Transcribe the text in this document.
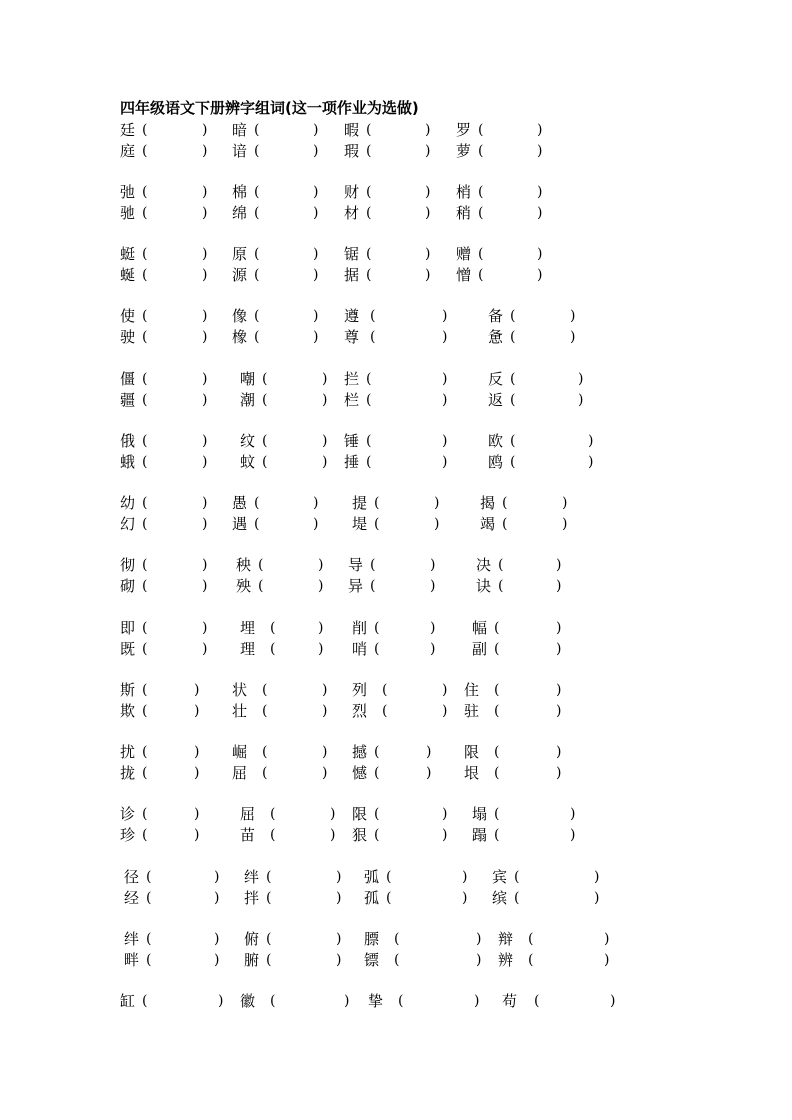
四年级语文下册辨字组词(这一项作业为选做)
廷 (	) 暗 (	) 暇 (	) 罗 (	)
庭 (	) 谙 (	) 瑕 (	) 萝 (	)
弛 (	) 棉 (	) 财 (	) 梢 (	)
驰 (	) 绵 (	) 材 (	) 稍 (	)
蜓 (	) 原 (	) 锯 (	) 赠 (	)
蜒 (	) 源 (	) 据 (	) 憎 (	)
使 (	) 像 (	) 遵 (	)	备 (	)
驶 (	) 橡 (	) 尊 (	)	惫 (	)
僵 (	) 嘲 (	) 拦 (	)	反 (	)
疆 (	) 潮 (	) 栏 (	)	返 (	)
俄 (	) 纹 (	) 锤 (	)	欧 (	)
蛾 (	) 蚊 (	) 捶 (	)	鸥 (	)
幼 (	) 愚 (	) 提 (	)	揭 (	)
幻 (	) 遇 (	) 堤 (	)	竭 (	)
彻 (	) 秧 (	) 导 (	)	决 (	)
砌 (	) 殃 (	) 异 (	)	诀 (	)
即 (	) 埋 (	) 削 (	) 幅 (	)
既 (	) 理 (	) 哨 (	) 副 (	)
斯 (	) 状 (	) 列 (	) 住 (	)
欺 (	) 壮 (	) 烈 (	) 驻 (	)
扰 (	) 崛 (	) 撼 (	) 限 (	)
拢 (	) 屈 (	) 憾 (	) 垠 (	)
诊 (	)	屈 (	) 限 (	) 塌 (	)
珍 (	)	苗 (	) 狠 (	) 蹋 (	)
径 (	) 绊 (	) 弧 (	) 宾 (	)
经 (	) 拌 (	) 孤 (	) 缤 (	)
绊 (	) 俯 (	) 膘 (	) 辩 (	)
畔 (	) 腑 (	) 镖 (	) 辨 (	)
缸 (	) 徽 (	) 挚 (	) 苟 (	)
